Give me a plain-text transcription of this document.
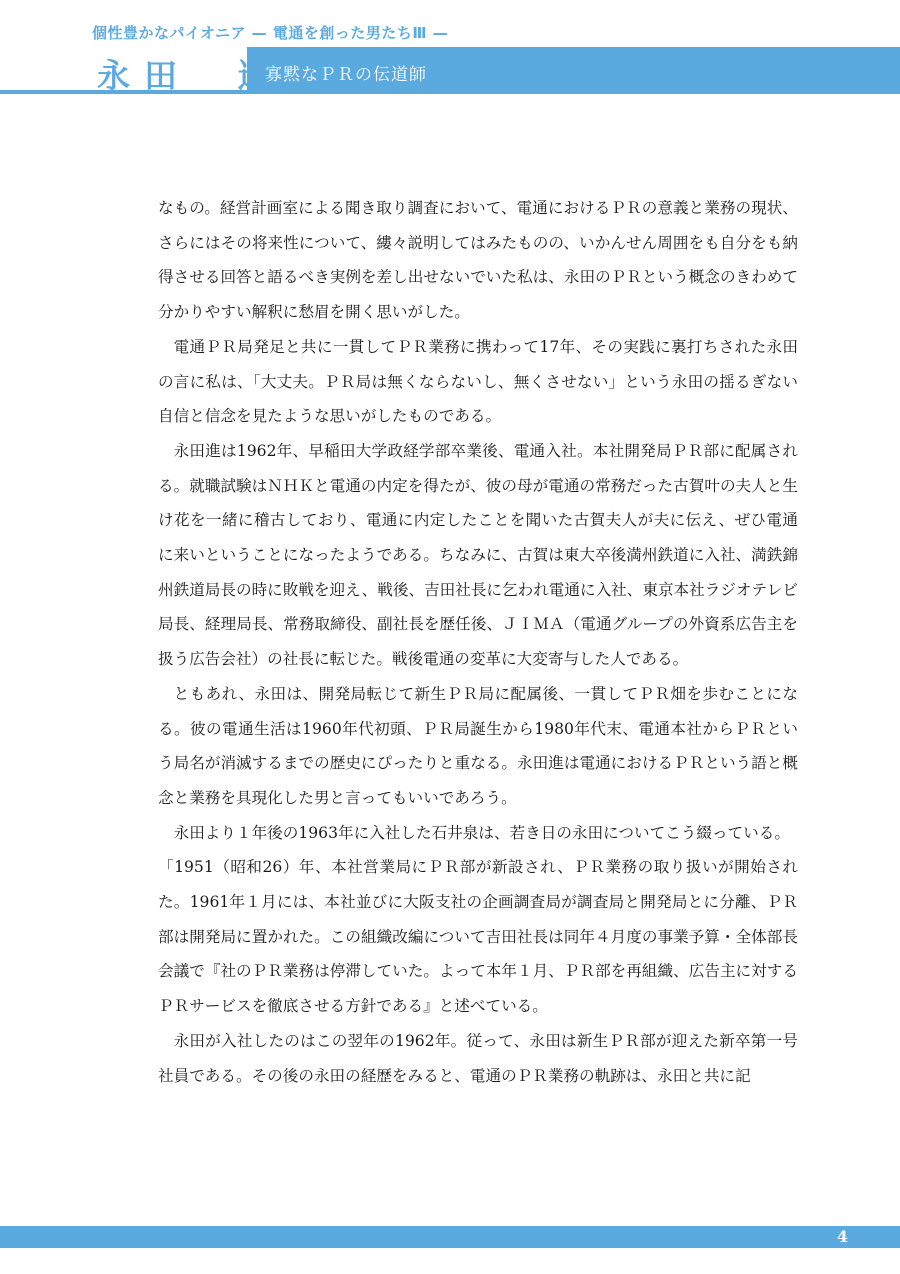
個性豊かなパイオニア — 電通を創った男たちⅢ —
永田　進
寡黙なＰＲの伝道師

なもの。経営計画室による聞き取り調査において、電通におけるＰＲの意義と業務の現状、さらにはその将来性について、縷々説明してはみたものの、いかんせん周囲をも自分をも納得させる回答と語るべき実例を差し出せないでいた私は、永田のＰＲという概念のきわめて分かりやすい解釈に愁眉を開く思いがした。

電通ＰＲ局発足と共に一貫してＰＲ業務に携わって17年、その実践に裏打ちされた永田の言に私は、「大丈夫。ＰＲ局は無くならないし、無くさせない」という永田の揺るぎない自信と信念を見たような思いがしたものである。

永田進は1962年、早稲田大学政経学部卒業後、電通入社。本社開発局ＰＲ部に配属される。就職試験はＮＨＫと電通の内定を得たが、彼の母が電通の常務だった古賀叶の夫人と生け花を一緒に稽古しており、電通に内定したことを聞いた古賀夫人が夫に伝え、ぜひ電通に来いということになったようである。ちなみに、古賀は東大卒後満州鉄道に入社、満鉄錦州鉄道局長の時に敗戦を迎え、戦後、吉田社長に乞われ電通に入社、東京本社ラジオテレビ局長、経理局長、常務取締役、副社長を歴任後、ＪＩＭＡ（電通グループの外資系広告主を扱う広告会社）の社長に転じた。戦後電通の変革に大変寄与した人である。

ともあれ、永田は、開発局転じて新生ＰＲ局に配属後、一貫してＰＲ畑を歩むことになる。彼の電通生活は1960年代初頭、ＰＲ局誕生から1980年代末、電通本社からＰＲという局名が消滅するまでの歴史にぴったりと重なる。永田進は電通におけるＰＲという語と概念と業務を具現化した男と言ってもいいであろう。

永田より１年後の1963年に入社した石井泉は、若き日の永田についてこう綴っている。

「1951（昭和26）年、本社営業局にＰＲ部が新設され、ＰＲ業務の取り扱いが開始された。1961年１月には、本社並びに大阪支社の企画調査局が調査局と開発局とに分離、ＰＲ部は開発局に置かれた。この組織改編について吉田社長は同年４月度の事業予算・全体部長会議で『社のＰＲ業務は停滞していた。よって本年１月、ＰＲ部を再組織、広告主に対するＰＲサービスを徹底させる方針である』と述べている。

永田が入社したのはこの翌年の1962年。従って、永田は新生ＰＲ部が迎えた新卒第一号社員である。その後の永田の経歴をみると、電通のＰＲ業務の軌跡は、永田と共に記

4
